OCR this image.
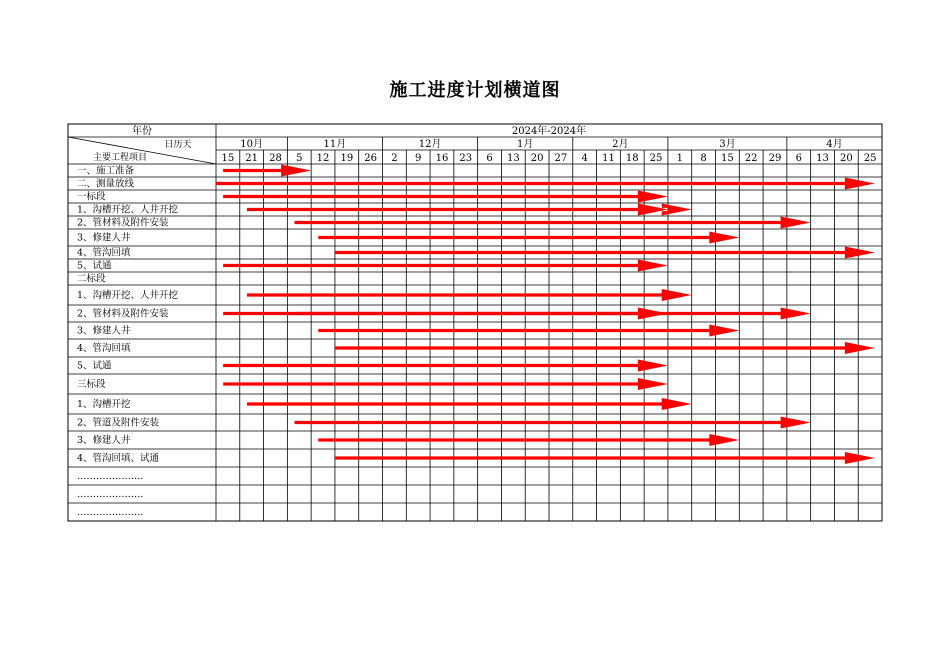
施工进度计划横道图
年份	2024年-2024年
日历天
主要工程项目
10月
15 21 28
11月
5 12 19 26
12月
2 9 16 23
1月
6 13 20 27
2月
4 11 18 25
3月
1 8 15 22 29
4月
6 13 20 25
一、施工准备
二、测量放线
一标段
1、沟槽开挖、人井开挖
2、管材料及附件安装
3、修建人井
4、管沟回填
5、试通
二标段
1、沟槽开挖、人井开挖
2、管材料及附件安装
3、修建人井
4、管沟回填
5、试通
三标段
1、沟槽开挖
2、管道及附件安装
3、修建人井
4、管沟回填、试通
…………………
…………………
…………………
